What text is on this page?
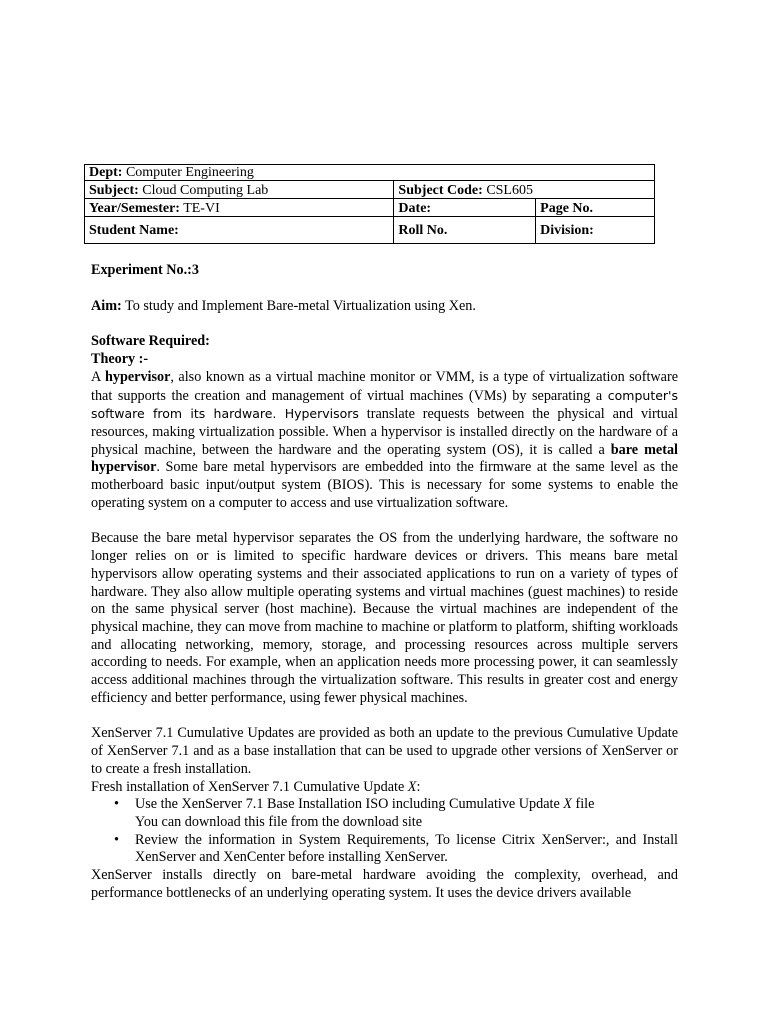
Dept: Computer Engineering		
Subject: Cloud Computing Lab	Subject Code: CSL605	
Year/Semester: TE-VI	Date:	Page No.
Student Name:	Roll No.	Division:

Experiment No.:3

Aim: To study and Implement Bare-metal Virtualization using Xen.

Software Required:

Theory :-

A hypervisor, also known as a virtual machine monitor or VMM, is a type of virtualization software that supports the creation and management of virtual machines (VMs) by separating a computer's software from its hardware. Hypervisors translate requests between the physical and virtual resources, making virtualization possible. When a hypervisor is installed directly on the hardware of a physical machine, between the hardware and the operating system (OS), it is called a bare metal hypervisor. Some bare metal hypervisors are embedded into the firmware at the same level as the motherboard basic input/output system (BIOS). This is necessary for some systems to enable the operating system on a computer to access and use virtualization software.

Because the bare metal hypervisor separates the OS from the underlying hardware, the software no longer relies on or is limited to specific hardware devices or drivers. This means bare metal hypervisors allow operating systems and their associated applications to run on a variety of types of hardware. They also allow multiple operating systems and virtual machines (guest machines) to reside on the same physical server (host machine). Because the virtual machines are independent of the physical machine, they can move from machine to machine or platform to platform, shifting workloads and allocating networking, memory, storage, and processing resources across multiple servers according to needs. For example, when an application needs more processing power, it can seamlessly access additional machines through the virtualization software. This results in greater cost and energy efficiency and better performance, using fewer physical machines.

XenServer 7.1 Cumulative Updates are provided as both an update to the previous Cumulative Update of XenServer 7.1 and as a base installation that can be used to upgrade other versions of XenServer or to create a fresh installation.

Fresh installation of XenServer 7.1 Cumulative Update X:

• Use the XenServer 7.1 Base Installation ISO including Cumulative Update X file
You can download this file from the download site
• Review the information in System Requirements, To license Citrix XenServer:, and Install XenServer and XenCenter before installing XenServer.

XenServer installs directly on bare-metal hardware avoiding the complexity, overhead, and performance bottlenecks of an underlying operating system. It uses the device drivers available
